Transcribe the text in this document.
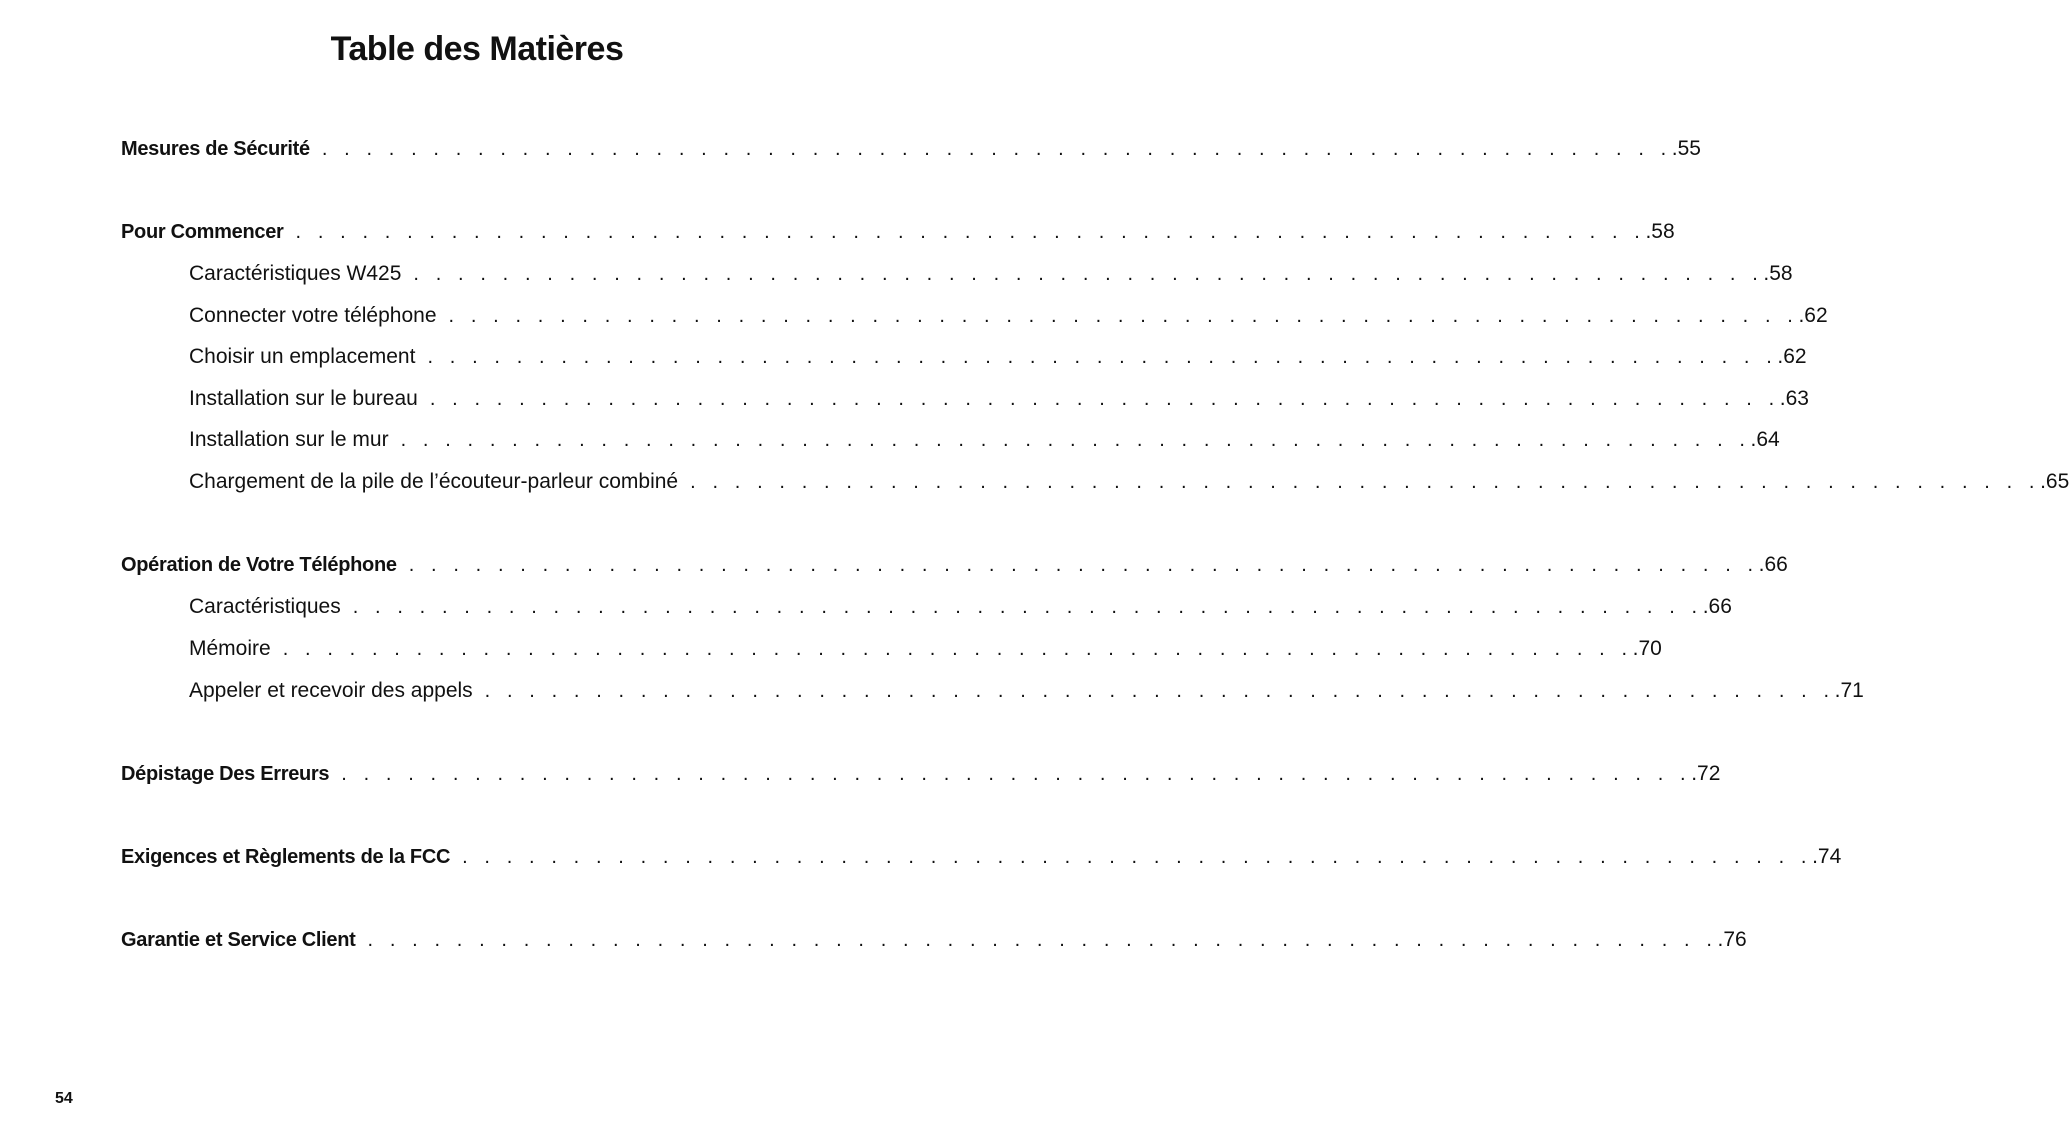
Table des Matières
Mesures de Sécurité . . . . . . . . . . . . . . . . . . . . . . . . . . . . . . . . . . . . . . . . . . . . . . . . . . . . . . . . . . . . . .55
Pour Commencer . . . . . . . . . . . . . . . . . . . . . . . . . . . . . . . . . . . . . . . . . . . . . . . . . . . . . . . . . . . . . .58
Caractéristiques W425 . . . . . . . . . . . . . . . . . . . . . . . . . . . . . . . . . . . . . . . . . . . . . . . . . . . . . . . . . . . . . .58
Connecter votre téléphone . . . . . . . . . . . . . . . . . . . . . . . . . . . . . . . . . . . . . . . . . . . . . . . . . . . . . . . . . . . . . .62
Choisir un emplacement . . . . . . . . . . . . . . . . . . . . . . . . . . . . . . . . . . . . . . . . . . . . . . . . . . . . . . . . . . . . . .62
Installation sur le bureau . . . . . . . . . . . . . . . . . . . . . . . . . . . . . . . . . . . . . . . . . . . . . . . . . . . . . . . . . . . . . .63
Installation sur le mur . . . . . . . . . . . . . . . . . . . . . . . . . . . . . . . . . . . . . . . . . . . . . . . . . . . . . . . . . . . . . .64
Chargement de la pile de l’écouteur-parleur combiné . . . . . . . . . . . . . . . . . . . . . . . . . . . . . . . . . . . . . . . . . . . . . . . . . . . . . . . . . . . . . .65
Opération de Votre Téléphone . . . . . . . . . . . . . . . . . . . . . . . . . . . . . . . . . . . . . . . . . . . . . . . . . . . . . . . . . . . . . .66
Caractéristiques . . . . . . . . . . . . . . . . . . . . . . . . . . . . . . . . . . . . . . . . . . . . . . . . . . . . . . . . . . . . . .66
Mémoire . . . . . . . . . . . . . . . . . . . . . . . . . . . . . . . . . . . . . . . . . . . . . . . . . . . . . . . . . . . . . .70
Appeler et recevoir des appels . . . . . . . . . . . . . . . . . . . . . . . . . . . . . . . . . . . . . . . . . . . . . . . . . . . . . . . . . . . . . .71
Dépistage Des Erreurs . . . . . . . . . . . . . . . . . . . . . . . . . . . . . . . . . . . . . . . . . . . . . . . . . . . . . . . . . . . . . .72
Exigences et Règlements de la FCC . . . . . . . . . . . . . . . . . . . . . . . . . . . . . . . . . . . . . . . . . . . . . . . . . . . . . . . . . . . . . .74
Garantie et Service Client . . . . . . . . . . . . . . . . . . . . . . . . . . . . . . . . . . . . . . . . . . . . . . . . . . . . . . . . . . . . . .76
54
